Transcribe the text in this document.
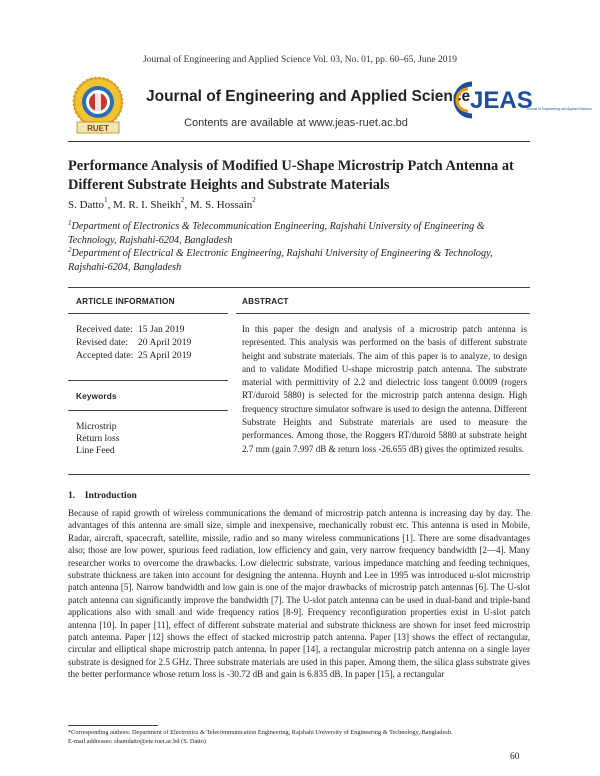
Journal of Engineering and Applied Science Vol. 03, No. 01, pp. 60–65, June 2019
RUET
Journal of Engineering and Applied Science
Contents are available at www.jeas-ruet.ac.bd
JEAS
Journal of Engineering and Applied Science
Performance Analysis of Modified U-Shape Microstrip Patch Antenna at
Different Substrate Heights and Substrate Materials
S. Datto$^1$, M. R. I. Sheikh$^2$, M. S. Hossain$^2$
$^1$Department of Electronics & Telecommunication Engineering, Rajshahi University of Engineering &
Technology, Rajshahi-6204, Bangladesh
$^2$Department of Electrical & Electronic Engineering, Rajshahi University of Engineering & Technology,
Rajshahi-6204, Bangladesh
ARTICLE INFORMATION
Received date: 15 Jan 2019
Revised date: 20 April 2019
Accepted date: 25 April 2019
Keywords
Microstrip
Return loss
Line Feed
ABSTRACT
In this paper the design and analysis of a microstrip patch antenna is represented. This analysis was performed on the basis of different substrate height and substrate materials. The aim of this paper is to analyze, to design and to validate Modified U-shape microstrip patch antenna. The substrate material with permittivity of 2.2 and dielectric loss tangent 0.0009 (rogers RT/duroid 5880) is selected for the microstrip patch antenna design. High frequency structure simulator software is used to design the antenna. Different Substrate Heights and Substrate materials are used to measure the performances. Among those, the Roggers RT/duroid 5880 at substrate height 2.7 mm (gain 7.997 dB & return loss -26.655 dB) gives the optimized results.
1. Introduction
Because of rapid growth of wireless communications the demand of microstrip patch antenna is increasing day by day. The advantages of this antenna are small size, simple and inexpensive, mechanically robust etc. This antenna is used in Mobile, Radar, aircraft, spacecraft, satellite, missile, radio and so many wireless communications [1]. There are some disadvantages also; those are low power, spurious feed radiation, low efficiency and gain, very narrow frequency bandwidth [2—4]. Many researcher works to overcome the drawbacks. Low dielectric substrate, various impedance matching and feeding techniques, substrate thickness are taken into account for designing the antenna. Huynh and Lee in 1995 was introduced u-slot microstrip patch antenna [5]. Narrow bandwidth and low gain is one of the major drawbacks of microstrip patch antennas [6]. The U-slot patch antenna can significantly improve the bandwidth [7]. The U-slot patch antenna can be used in dual-band and triple-band applications also with small and wide frequency ratios [8-9]. Frequency reconfiguration properties exist in U-slot patch antenna [10]. In paper [11], effect of different substrate material and substrate thickness are shown for inset feed microstrip patch antenna. Paper [12] shows the effect of stacked microstrip patch antenna. Paper [13] shows the effect of rectangular, circular and elliptical shape microstrip patch antenna. In paper [14], a rectangular microstrip patch antenna on a single layer substrate is designed for 2.5 GHz. Three substrate materials are used in this paper. Among them, the silica glass substrate gives the better performance whose return loss is -30.72 dB and gain is 6.835 dB. In paper [15], a rectangular
*Corresponding authors: Department of Electronics & Telecommunication Engineering, Rajshahi University of Engineering & Technology, Bangladesh.
E-mail addresses: shamdatto@ete.ruet.ac.bd (S. Datto)
60
